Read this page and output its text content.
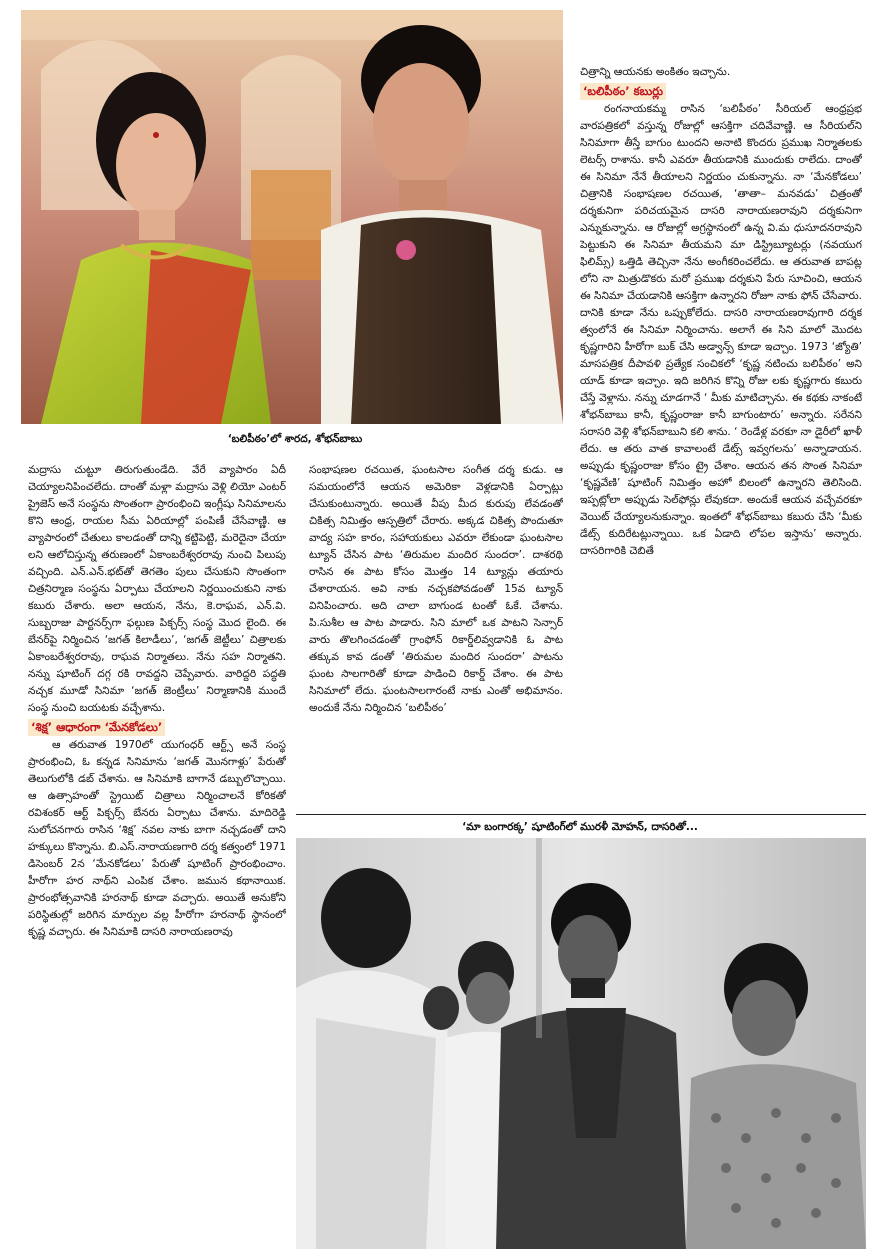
‘బలిపీఠం’లో శారద, శోభన్‌బాబు

చిత్రాన్ని ఆయనకు అంకితం ఇచ్చాను.

‘బలిపీఠం’ కబుర్లు

రంగనాయకమ్మ రాసిన ‘బలిపీఠం’ సీరియల్‌ ఆంధ్రప్రభ వారపత్రికలో వస్తున్న రోజుల్లో ఆసక్తిగా చదివేవాణ్ణి. ఆ సీరియల్‌ని సినిమాగా తీస్తే బాగుం టుందని అనాటి కొందరు ప్రముఖ నిర్మాతలకు లెటర్స్‌ రాశాను. కానీ ఎవరూ తీయడానికి ముందుకు రాలేదు. దాంతో ఈ సినిమా నేనే తీయాలని నిర్ణయం చుకున్నాను. నా ‘మేనకోడలు’ చిత్రానికి సంభాషణల రచయిత, ‘తాతా– మనవడు’ చిత్రంతో దర్శకునిగా పరిచయమైన దాసరి నారాయణరావుని దర్శకునిగా ఎన్నుకున్నాను. ఆ రోజుల్లో అగ్రస్థానంలో ఉన్న వి.మ ధుసూదనరావుని పెట్టుకుని ఈ సినిమా తీయమని మా డిస్ట్రిబ్యూటర్లు (నవయుగ ఫిలిమ్స్‌) ఒత్తిడి తెచ్చినా నేను అంగీకరించలేదు. ఆ తరువాత బాపట్ల లోని నా మిత్రుడొకరు మరో ప్రముఖ దర్శకుని పేరు సూచించి, ఆయన ఈ సినిమా చేయడానికి ఆసక్తిగా ఉన్నారని రోజూ నాకు ఫోన్‌ చేసేవారు. దానికి కూడా నేను ఒప్పుకోలేదు. దాసరి నారాయణరావుగారి దర్శక త్వంలోనే ఈ సినిమా నిర్మించాను. అలాగే ఈ సిని మాలో మొదట కృష్ణగారిని హీరోగా బుక్‌ చేసి అడ్వాన్స్‌ కూడా ఇచ్చాం. 1973 ‘జ్యోతి’ మాసపత్రిక దీపావళి ప్రత్యేక సంచికలో ‘కృష్ణ నటించు బలిపీఠం’ అని యాడ్‌ కూడా ఇచ్చాం. ఇది జరిగిన కొన్ని రోజు లకు కృష్ణగారు కబురు చేస్తే వెళ్లాను. నన్ను చూడగానే ‘ మీకు మాటిచ్చాను. ఈ కథకు నాకంటే శోభన్‌బాబు కానీ, కృష్ణంరాజు కానీ బాగుంటారు’ అన్నారు. సరేనని సరాసరి వెళ్లి శోభన్‌బాబుని కలి శాను. ‘ రెండేళ్ల వరకూ నా డైరీలో ఖాళీ లేదు. ఆ తరు వాత కావాలంటే డేట్స్‌ ఇవ్వగలను’ అన్నాడాయన. అప్పుడు కృష్ణంరాజు కోసం ట్రై చేశాం. ఆయన తన సొంత సినిమా ‘కృష్ణవేణి’ షూటింగ్‌ నిమిత్తం అహో బిలంలో ఉన్నారని తెలిసింది. ఇప్పట్లోలా అప్పుడు సెల్‌ఫోన్లు లేవుకదా. అందుకే ఆయన వచ్చేవరకూ వెయిట్‌ చేయ్యాలనుకున్నాం. ఇంతలో శోభన్‌బాబు కబురు చేసి ‘మీకు డేట్స్‌ కుదిరేటట్లున్నాయి. ఒక ఏడాది లోపల ఇస్తాను’ అన్నారు. దాసరిగారికి చెబితే

మద్రాసు చుట్టూ తిరుగుతుండేది. వేరే వ్యాపారం ఏదీ చెయ్యాలనిపించలేదు. దాంతో మళ్లా మద్రాసు వెళ్లి లియో ఎంటర్‌ ప్రైజెస్‌ అనే సంస్థను సొంతంగా ప్రారంభించి ఇంగ్లీషు సినిమాలను కొని ఆంధ్ర, రాయల సీమ ఏరియాల్లో పంపిణీ చేసేవాణ్ణి. ఆ వ్యాపారంలో చేతులు కాలడంతో దాన్ని కట్టిపెట్టి, మరెదైనా చేయా లని ఆలోచిస్తున్న తరుణంలో ఏకాంబరేశ్వరరావు నుంచి పిలుపు వచ్చింది. ఎన్‌.ఎన్‌.భట్‌తో తెగతెం పులు చేసుకుని సొంతంగా చిత్రనిర్మాణ సంస్థను ఏర్పాటు చేయాలని నిర్ణయించుకుని నాకు కబురు చేశారు. అలా ఆయన, నేను, కె.రాఘవ, ఎన్‌.వి. సుబ్బరాజు పార్టనర్స్‌గా ఫల్గుణ పిక్చర్స్‌ సంస్థ మొద లైంది. ఈ బేనర్‌పై నిర్మించిన ‘జగత్‌ కిలాడీలు’, ‘జగత్‌ జెట్టీలు’ చిత్రాలకు ఏకాంబరేశ్వరరావు, రాఘవ నిర్మాతలు. నేను సహ నిర్మాతని. నన్ను షూటింగ్‌ దగ్గ రకి రావద్దని చెప్పేవారు. వారిద్దరి పద్ధతి నచ్చక మూడో సినిమా ‘జగత్‌ జెంట్రీలు’ నిర్మాణానికి ముందే సంస్థ నుంచి బయటకు వచ్చేశాను.

‘శిక్ష’ ఆధారంగా ‘మేనకోడలు’

ఆ తరువాత 1970లో యుగంధర్‌ ఆర్ట్స్‌ అనే సంస్థ ప్రారంభించి, ఓ కన్నడ సినిమాను ‘జగత్‌ మొనగాళ్లు’ పేరుతో తెలుగులోకి డబ్‌ చేశాను. ఆ సినిమాకి బాగానే డబ్బులొచ్చాయి. ఆ ఉత్సాహంతో స్ట్రెయిట్‌ చిత్రాలు నిర్మించాలనే కోరికతో రవిశంకర్‌ ఆర్ట్‌ పిక్చర్స్‌ బేనరు ఏర్పాటు చేశాను. మాదిరెడ్డి సులోచనగారు రాసిన ‘శిక్ష’ నవల నాకు బాగా నచ్చడంతో దాని హక్కులు కొన్నాను. బి.ఎస్‌.నారాయణగారి దర్శ కత్వంలో 1971 డిసెంబర్‌ 2న ‘మేనకోడలు’ పేరుతో షూటింగ్‌ ప్రారంభించాం. హీరోగా హర నాథ్‌ని ఎంపిక చేశాం. జమున కథానాయిక. ప్రారంభోత్సవానికి హరనాథ్‌ కూడా వచ్చారు. అయితే అనుకోని పరిస్థితుల్లో జరిగిన మార్పుల వల్ల హీరోగా హరనాథ్‌ స్థానంలో కృష్ణ వచ్చారు. ఈ సినిమాకి దాసరి నారాయణరావు

సంభాషణల రచయిత, ఘంటసాల సంగీత దర్శ కుడు. ఆ సమయంలోనే ఆయన అమెరికా వెళ్లడానికి ఏర్పాట్లు చేసుకుంటున్నారు. అయితే వీపు మీద కురుపు లేవడంతో చికిత్స నిమిత్తం ఆస్పత్రిలో చేరారు. అక్కడ చికిత్స పొందుతూ వాద్య సహ కారం, సహాయకులు ఎవరూ లేకుండా ఘంటసాల ట్యూన్‌ చేసిన పాట ‘తిరుమల మందిర సుందరా’. దాశరథి రాసిన ఈ పాట కోసం మొత్తం 14 ట్యూన్లు తయారు చేశారాయన. అవి నాకు నచ్చకపోవడంతో 15వ ట్యూన్‌ వినిపించారు. అది చాలా బాగుండ టంతో ఓకే. చేశాను. పి.సుశీల ఆ పాట పాడారు. సిని మాలో ఒక పాటని సెన్సార్‌ వారు తొలగించడంతో గ్రాంఫోన్‌ రికార్డ్‌లివ్వడానికి ఓ పాట తక్కువ కావ డంతో ‘తిరుమల మందిర సుందరా’ పాటను ఘంట సాలగారితో కూడా పాడించి రికార్డ్‌ చేశాం. ఈ పాట సినిమాలో లేదు. ఘంటసాలగారంటే నాకు ఎంతో అభిమానం. అందుకే నేను నిర్మించిన ‘బలిపీఠం’

‘మా బంగారక్క’ షూటింగ్‌లో మురళీ మోహన్‌, దాసరితో...
